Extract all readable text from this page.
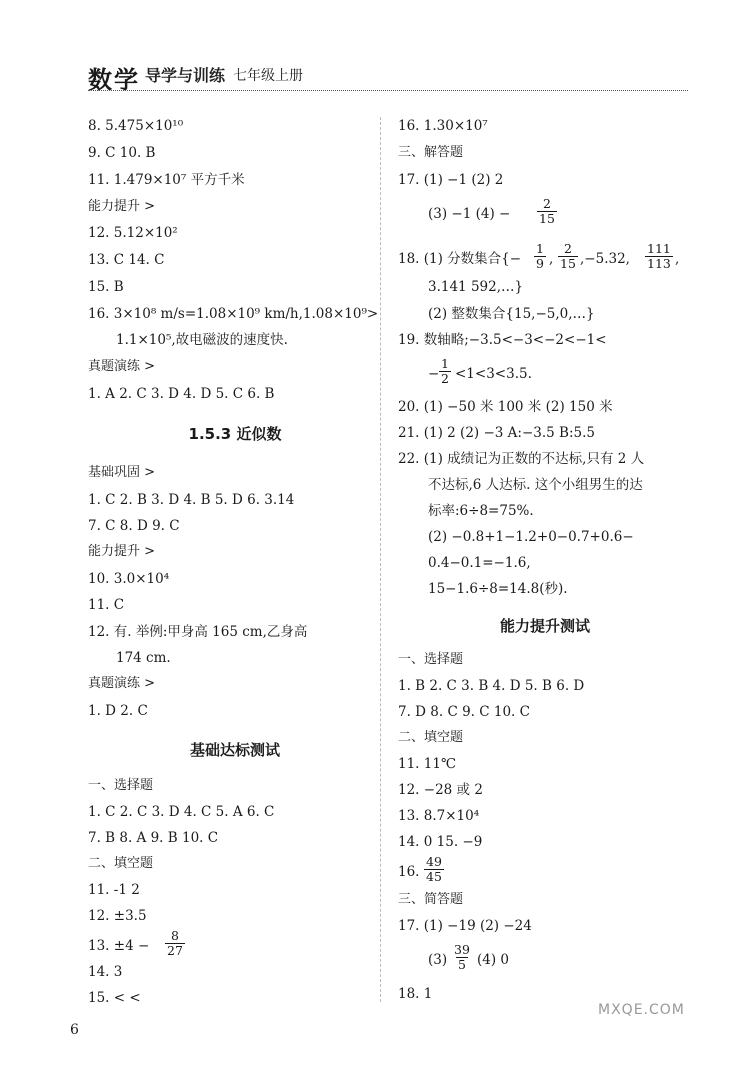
数学 导学与训练 七年级上册
8. 5.475×10¹⁰
9. C 10. B
11. 1.479×10⁷ 平方千米
能力提升 >
12. 5.12×10²
13. C 14. C
15. B
16. 3×10⁸ m/s=1.08×10⁹ km/h,1.08×10⁹>
1.1×10⁵,故电磁波的速度快.
真题演练 >
1. A 2. C 3. D 4. D 5. C 6. B
1.5.3 近似数
基础巩固 >
1. C 2. B 3. D 4. B 5. D 6. 3.14
7. C 8. D 9. C
能力提升 >
10. 3.0×10⁴
11. C
12. 有. 举例:甲身高 165 cm,乙身高
174 cm.
真题演练 >
1. D 2. C
基础达标测试
一、选择题
1. C 2. C 3. D 4. C 5. A 6. C
7. B 8. A 9. B 10. C
二、填空题
11. -1 2
12. ±3.5
13. $\pm 4 - \frac{8}{27}$
14. 3
15. < <
16. 1.30×10⁷
三、解答题
17. (1) −1 (2) 2
(3) −1 $(4) - \frac{2}{15}$
18. (1) 分数集合{− $\frac{1}{9}$ , $\frac{2}{15} ,-5.32$, $\frac{111}{113}$ ,
3.141 592,…}
(2) 整数集合{15,−5,0,…}
19. 数轴略;−3.5<−3<−2<−1<
− $\frac{1}{2} <1<3<3.5$.
20. (1) −50 米 100 米 (2) 150 米
21. (1) 2 (2) −3 A:−3.5 B:5.5
22. (1) 成绩记为正数的不达标,只有 2 人
不达标,6 人达标. 这个小组男生的达
标率:6÷8=75%.
(2) −0.8+1−1.2+0−0.7+0.6−
0.4−0.1=−1.6,
15−1.6÷8=14.8(秒).
能力提升测试
一、选择题
1. B 2. C 3. B 4. D 5. B 6. D
7. D 8. C 9. C 10. C
二、填空题
11. 11℃
12. −28 或 2
13. 8.7×10⁴
14. 0 15. −9
16. $\frac{49}{45}$
三、简答题
17. (1) −19 (2) −24
$(3) \frac{39}{5} (4)$ 0
18. 1
6
MXQE.COM
